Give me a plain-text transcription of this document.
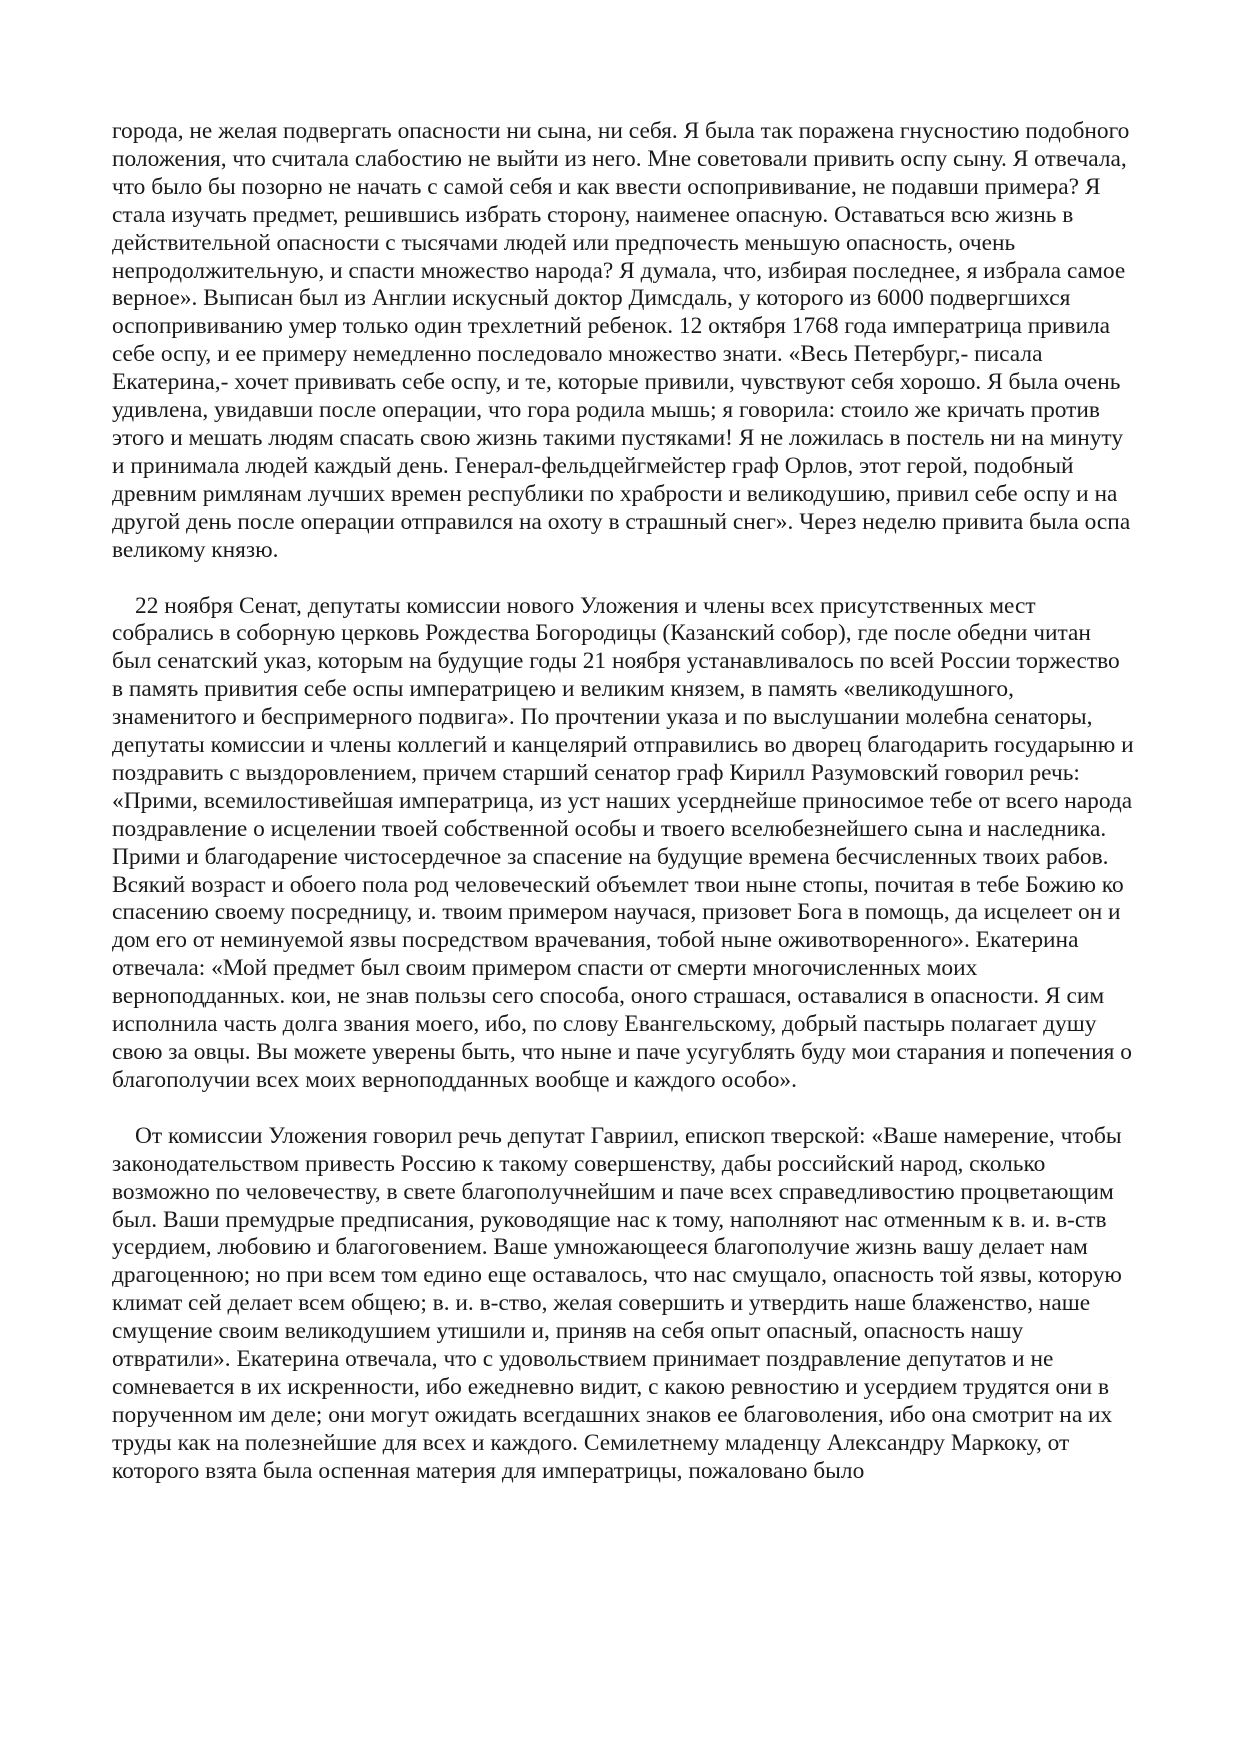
города, не желая подвергать опасности ни сына, ни себя. Я была так поражена гнусностию подобного положения, что считала слабостию не выйти из него. Мне советовали привить оспу сыну. Я отвечала, что было бы позорно не начать с самой себя и как ввести оспопрививание, не подавши примера? Я стала изучать предмет, решившись избрать сторону, наименее опасную. Оставаться всю жизнь в действительной опасности с тысячами людей или предпочесть меньшую опасность, очень непродолжительную, и спасти множество народа? Я думала, что, избирая последнее, я избрала самое верное». Выписан был из Англии искусный доктор Димсдаль, у которого из 6000 подвергшихся оспопрививанию умер только один трехлетний ребенок. 12 октября 1768 года императрица привила себе оспу, и ее примеру немедленно последовало множество знати. «Весь Петербург,- писала Екатерина,- хочет прививать себе оспу, и те, которые привили, чувствуют себя хорошо. Я была очень удивлена, увидавши после операции, что гора родила мышь; я говорила: стоило же кричать против этого и мешать людям спасать свою жизнь такими пустяками! Я не ложилась в постель ни на минуту и принимала людей каждый день. Генерал-фельдцейгмейстер граф Орлов, этот герой, подобный древним римлянам лучших времен республики по храбрости и великодушию, привил себе оспу и на другой день после операции отправился на охоту в страшный снег». Через неделю привита была оспа великому князю.

22 ноября Сенат, депутаты комиссии нового Уложения и члены всех присутственных мест собрались в соборную церковь Рождества Богородицы (Казанский собор), где после обедни читан был сенатский указ, которым на будущие годы 21 ноября устанавливалось по всей России торжество в память привития себе оспы императрицею и великим князем, в память «великодушного, знаменитого и беспримерного подвига». По прочтении указа и по выслушании молебна сенаторы, депутаты комиссии и члены коллегий и канцелярий отправились во дворец благодарить государыню и поздравить с выздоровлением, причем старший сенатор граф Кирилл Разумовский говорил речь: «Прими, всемилостивейшая императрица, из уст наших усерднейше приносимое тебе от всего народа поздравление о исцелении твоей собственной особы и твоего вселюбезнейшего сына и наследника. Прими и благодарение чистосердечное за спасение на будущие времена бесчисленных твоих рабов. Всякий возраст и обоего пола род человеческий объемлет твои ныне стопы, почитая в тебе Божию ко спасению своему посредницу, и. твоим примером научася, призовет Бога в помощь, да исцелеет он и дом его от неминуемой язвы посредством врачевания, тобой ныне оживотворенного». Екатерина отвечала: «Мой предмет был своим примером спасти от смерти многочисленных моих верноподданных. кои, не знав пользы сего способа, оного страшася, оставалися в опасности. Я сим исполнила часть долга звания моего, ибо, по слову Евангельскому, добрый пастырь полагает душу свою за овцы. Вы можете уверены быть, что ныне и паче усугублять буду мои старания и попечения о благополучии всех моих верноподданных вообще и каждого особо».

От комиссии Уложения говорил речь депутат Гавриил, епископ тверской: «Ваше намерение, чтобы законодательством привесть Россию к такому совершенству, дабы российский народ, сколько возможно по человечеству, в свете благополучнейшим и паче всех справедливостию процветающим был. Ваши премудрые предписания, руководящие нас к тому, наполняют нас отменным к в. и. в-ств усердием, любовию и благоговением. Ваше умножающееся благополучие жизнь вашу делает нам драгоценною; но при всем том едино еще оставалось, что нас смущало, опасность той язвы, которую климат сей делает всем общею; в. и. в-ство, желая совершить и утвердить наше блаженство, наше смущение своим великодушием утишили и, приняв на себя опыт опасный, опасность нашу отвратили». Екатерина отвечала, что с удовольствием принимает поздравление депутатов и не сомневается в их искренности, ибо ежедневно видит, с какою ревностию и усердием трудятся они в порученном им деле; они могут ожидать всегдашних знаков ее благоволения, ибо она смотрит на их труды как на полезнейшие для всех и каждого. Семилетнему младенцу Александру Маркоку, от которого взята была оспенная материя для императрицы, пожаловано было
